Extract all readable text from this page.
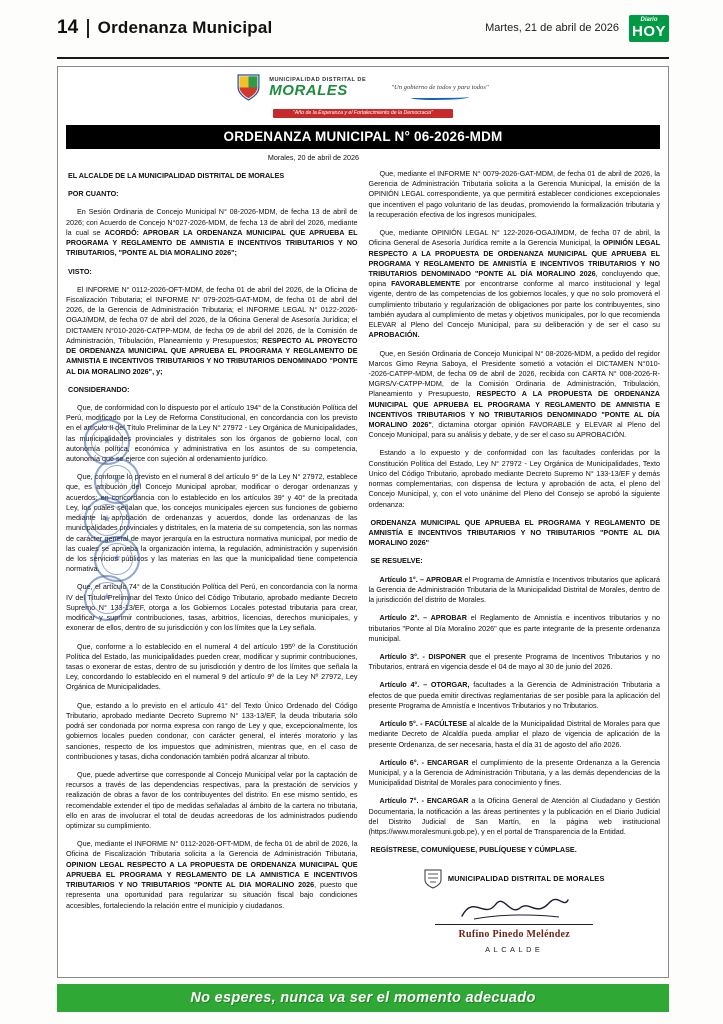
14 Ordenanza Municipal	Martes, 21 de abril de 2026
Diario
HOY
MUNICIPALIDAD DISTRITAL DE
MORALES	"Un gobierno de todos y para todos"
"Año de la Esperanza y el Fortalecimiento de la Democracia"
ORDENANZA MUNICIPAL N° 06-2026-MDM
Morales, 20 de abril de 2026

EL ALCALDE DE LA MUNICIPALIDAD DISTRITAL DE MORALES

POR CUANTO:

En Sesión Ordinaria de Concejo Municipal N° 08-2026-MDM, de fecha 13 de abril de 2026; con Acuerdo de Concejo N°027-2026-MDM, de fecha 13 de abril del 2026, mediante la cual se ACORDÓ: APROBAR LA ORDENANZA MUNICIPAL QUE APRUEBA EL PROGRAMA Y REGLAMENTO DE AMNISTIA E INCENTIVOS TRIBUTARIOS Y NO TRIBUTARIOS, "PONTE AL DIA MORALINO 2026";

VISTO:

El INFORME N° 0112-2026-OFT-MDM, de fecha 01 de abril del 2026, de la Oficina de Fiscalización Tributaria; el INFORME N° 079-2025-GAT-MDM, de fecha 01 de abril del 2026, de la Gerencia de Administración Tributaria; el INFORME LEGAL N° 0122-2026-OGAJ/MDM, de fecha 07 de abril del 2026, de la Oficina General de Asesoría Jurídica; el DICTAMEN N°010-2026-CATPP-MDM, de fecha 09 de abril del 2026, de la Comisión de Administración, Tribulación, Planeamiento y Presupuestos; RESPECTO AL PROYECTO DE ORDENANZA MUNICIPAL QUE APRUEBA EL PROGRAMA Y REGLAMENTO DE AMNISTIA E INCENTIVOS TRIBUTARIOS Y NO TRIBUTARIOS DENOMINADO "PONTE AL DIA MORALINO 2026", y;

CONSIDERANDO:

Que, de conformidad con lo dispuesto por el artículo 194° de la Constitución Política del Perú, modificado por la Ley de Reforma Constitucional, en concordancia con los previsto en el artículo II del Título Preliminar de la Ley N° 27972 - Ley Orgánica de Municipalidades, las municipalidades provinciales y distritales son los órganos de gobierno local, con autonomía política, económica y administrativa en los asuntos de su competencia, autonomía que se ejerce con sujeción al ordenamiento jurídico.

Que, conforme lo previsto en el numeral 8 del artículo 9° de la Ley N° 27972, establece que, es atribución del Concejo Municipal aprobar, modificar o derogar ordenanzas y acuerdos; en concordancia con lo establecido en los artículos 39° y 40° de la precitada Ley, los cuales señalan que, los concejos municipales ejercen sus funciones de gobierno mediante la aprobación de ordenanzas y acuerdos, donde las ordenanzas de las municipalidades provinciales y distritales, en la materia de su competencia, son las normas de carácter general de mayor jerarquía en la estructura normativa municipal, por medio de las cuales se aprueba la organización interna, la regulación, administración y supervisión de los servicios públicos y las materias en las que la municipalidad tiene competencia normativa.

Que, el artículo 74° de la Constitución Política del Perú, en concordancia con la norma IV del Título Preliminar del Texto Único del Código Tributario, aprobado mediante Decreto Supremo N° 133-13/EF, otorga a los Gobiernos Locales potestad tributaria para crear, modificar y suprimir contribuciones, tasas, arbitrios, licencias, derechos municipales, y exonerar de ellos, dentro de su jurisdicción y con los límites que la Ley señala.

Que, conforme a lo establecido en el numeral 4 del artículo 195º de la Constitución Política del Estado, las municipalidades pueden crear, modificar y suprimir contribuciones, tasas o exonerar de estas, dentro de su jurisdicción y dentro de los límites que señala la Ley, concordando lo establecido en el numeral 9 del artículo 9º de la Ley Nº 27972, Ley Orgánica de Municipalidades.

Que, estando a lo previsto en el artículo 41° del Texto Único Ordenado del Código Tributario, aprobado mediante Decreto Supremo N° 133-13/EF, la deuda tributaria sólo podrá ser condonada por norma expresa con rango de Ley y que, excepcionalmente, los gobiernos locales pueden condonar, con carácter general, el interés moratorio y las sanciones, respecto de los impuestos que administren, mientras que, en el caso de contribuciones y tasas, dicha condonación también podrá alcanzar al tributo.

Que, puede advertirse que corresponde al Concejo Municipal velar por la captación de recursos a través de las dependencias respectivas, para la prestación de servicios y realización de obras a favor de los contribuyentes del distrito. En ese mismo sentido, es recomendable extender el tipo de medidas señaladas al ámbito de la cartera no tributaria, ello en aras de involucrar el total de deudas acreedoras de los administrados pudiendo optimizar su cumplimiento.

Que, mediante el INFORME N° 0112-2026-OFT-MDM, de fecha 01 de abril de 2026, la Oficina de Fiscalización Tributaria solicita a la Gerencia de Administración Tributaria, OPINION LEGAL RESPECTO A LA PROPUESTA DE ORDENANZA MUNICIPAL QUE APRUEBA EL PROGRAMA Y REGLAMENTO DE LA AMNISTICA E INCENTIVOS TRIBUTARIOS Y NO TRIBUTARIOS "PONTE AL DIA MORALINO 2026, puesto que representa una oportunidad para regularizar su situación fiscal bajo condiciones accesibles, fortaleciendo la relación entre el municipio y ciudadanos.

Que, mediante el INFORME N° 0079-2026-GAT-MDM, de fecha 01 de abril de 2026, la Gerencia de Administración Tributaria solicita a la Gerencia Municipal, la emisión de la OPINIÓN LEGAL correspondiente, ya que permitirá establecer condiciones excepcionales que incentiven el pago voluntario de las deudas, promoviendo la formalización tributaria y la recuperación efectiva de los ingresos municipales.

Que, mediante OPINIÓN LEGAL N° 122-2026-OGAJ/MDM, de fecha 07 de abril, la Oficina General de Asesoría Jurídica remite a la Gerencia Municipal, la OPINIÓN LEGAL RESPECTO A LA PROPUESTA DE ORDENANZA MUNICIPAL QUE APRUEBA EL PROGRAMA Y REGLAMENTO DE AMNISTÍA E INCENTIVOS TRIBUTARIOS Y NO TRIBUTARIOS DENOMINADO "PONTE AL DÍA MORALINO 2026, concluyendo que, opina FAVORABLEMENTE por encontrarse conforme al marco institucional y legal vigente, dentro de las competencias de los gobiernos locales, y que no solo promoverá el cumplimiento tributario y regularización de obligaciones por parte los contribuyentes, sino también ayudara al cumplimiento de metas y objetivos municipales, por lo que recomienda ELEVAR al Pleno del Concejo Municipal, para su deliberación y de ser el caso su APROBACIÓN.

Que, en Sesión Ordinaria de Concejo Municipal N° 08-2026-MDM, a pedido del regidor Marcos Gimo Reyna Saboya, el Presidente sometió a votación el DICTAMEN N°010--2026-CATPP-MDM, de fecha 09 de abril de 2026, recibida con CARTA N° 008-2026-R-MGRS/V-CATPP-MDM, de la Comisión Ordinaria de Administración, Tribulación, Planeamiento y Presupuesto, RESPECTO A LA PROPUESTA DE ORDENANZA MUNICIPAL QUE APRUEBA EL PROGRAMA Y REGLAMENTO DE AMNISTIA E INCENTIVOS TRIBUTARIOS Y NO TRIBUTARIOS DENOMINADO "PONTE AL DÍA MORALINO 2026", dictamina otorgar opinión FAVORABLE y ELEVAR al Pleno del Concejo Municipal, para su análisis y debate, y de ser el caso su APROBACIÓN.

Estando a lo expuesto y de conformidad con las facultades conferidas por la Constitución Política del Estado, Ley N° 27972 - Ley Orgánica de Municipalidades, Texto Unico del Código Tributario, aprobado mediante Decreto Supremo N° 133-13/EF y demás normas complementarias, con dispensa de lectura y aprobación de acta, el pleno del Concejo Municipal, y, con el voto unánime del Pleno del Consejo se aprobó la siguiente ordenanza:

ORDENANZA MUNICIPAL QUE APRUEBA EL PROGRAMA Y REGLAMENTO DE AMNISTÍA E INCENTIVOS TRIBUTARIOS Y NO TRIBUTARIOS "PONTE AL DIA MORALINO 2026"

SE RESUELVE:

Artículo 1°. – APROBAR el Programa de Amnistía e Incentivos tributarios que aplicará la Gerencia de Administración Tributaria de la Municipalidad Distrital de Morales, dentro de la jurisdicción del distrito de Morales.

Artículo 2°. – APROBAR el Reglamento de Amnistía e incentivos tributarios y no tributarios "Ponte al Día Moralino 2026" que es parte integrante de la presente ordenanza municipal.

Artículo 3°. - DISPONER que el presente Programa de Incentivos Tributarios y no Tributarios, entrará en vigencia desde el 04 de mayo al 30 de junio del 2026.

Artículo 4°. – OTORGAR, facultades a la Gerencia de Administración Tributaria a efectos de que pueda emitir directivas reglamentarias de ser posible para la aplicación del presente Programa de Amnistía e Incentivos Tributarios y no Tributarios.

Artículo 5°. - FACÚLTESE al alcalde de la Municipalidad Distrital de Morales para que mediante Decreto de Alcaldía pueda ampliar el plazo de vigencia de aplicación de la presente Ordenanza, de ser necesaria, hasta el día 31 de agosto del año 2026.

Artículo 6°. - ENCARGAR el cumplimiento de la presente Ordenanza a la Gerencia Municipal, y a la Gerencia de Administración Tributaria, y a las demás dependencias de la Municipalidad Distrital de Morales para conocimiento y fines.

Artículo 7°. - ENCARGAR a la Oficina General de Atención al Ciudadano y Gestión Documentaria, la notificación a las áreas pertinentes y la publicación en el Diario Judicial del Distrito Judicial de San Martín, en la página web institucional (https://www.moralesmuni.gob.pe), y en el portal de Transparencia de la Entidad.

REGÍSTRESE, COMUNÍQUESE, PUBLÍQUESE Y CÚMPLASE.

MUNICIPALIDAD DISTRITAL DE MORALES
Rufino Pinedo Meléndez
ALCALDE
★
★
★
★
★
No esperes, nunca va ser el momento adecuado
